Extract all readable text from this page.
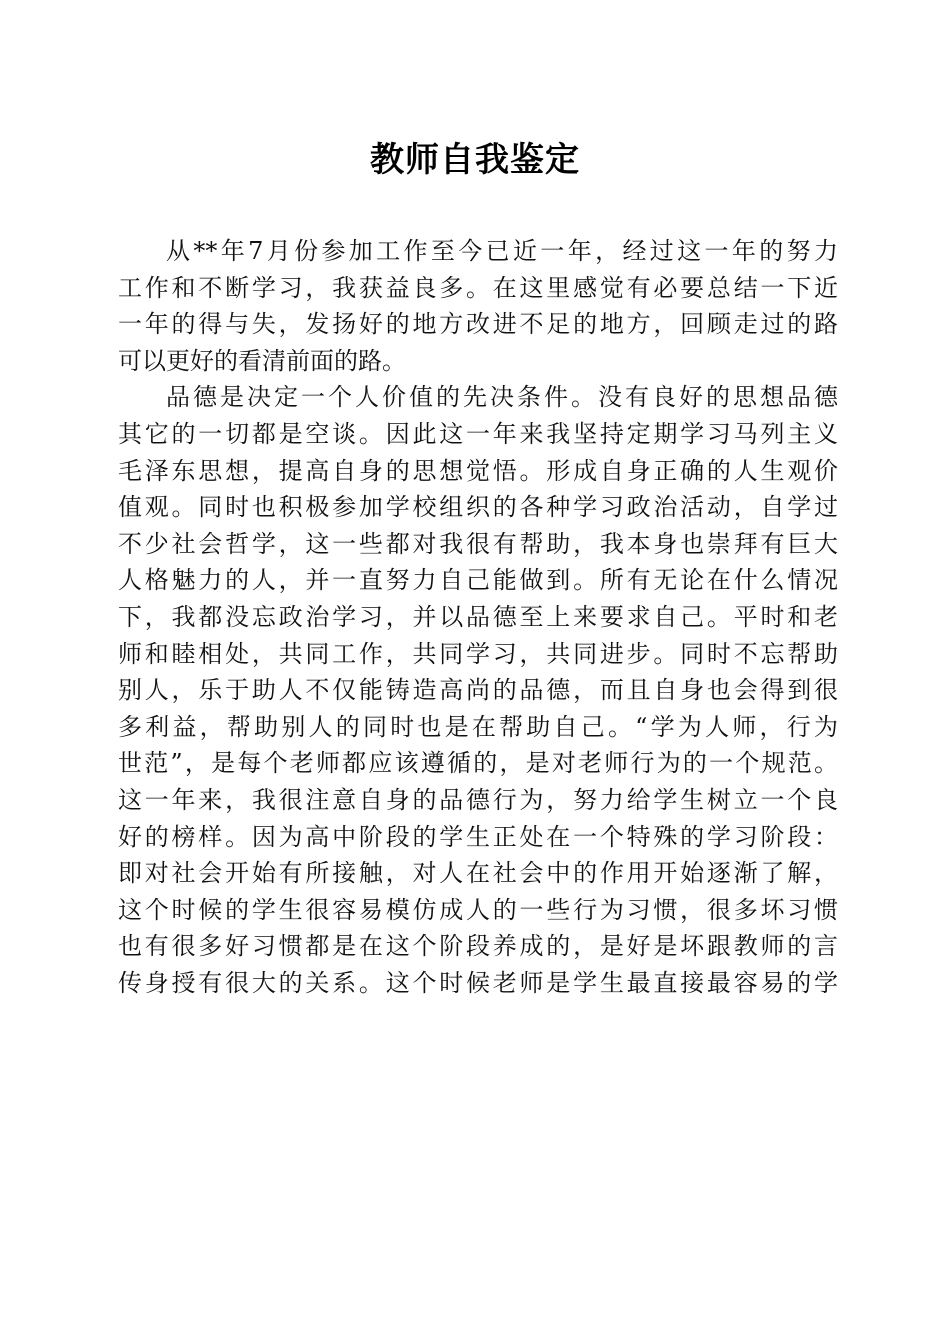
教师自我鉴定
从**年7月份参加工作至今已近一年，经过这一年的努力
工作和不断学习，我获益良多。在这里感觉有必要总结一下近
一年的得与失，发扬好的地方改进不足的地方，回顾走过的路
可以更好的看清前面的路。
品德是决定一个人价值的先决条件。没有良好的思想品德
其它的一切都是空谈。因此这一年来我坚持定期学习马列主义
毛泽东思想，提高自身的思想觉悟。形成自身正确的人生观价
值观。同时也积极参加学校组织的各种学习政治活动，自学过
不少社会哲学，这一些都对我很有帮助，我本身也崇拜有巨大
人格魅力的人，并一直努力自己能做到。所有无论在什么情况
下，我都没忘政治学习，并以品德至上来要求自己。平时和老
师和睦相处，共同工作，共同学习，共同进步。同时不忘帮助
别人，乐于助人不仅能铸造高尚的品德，而且自身也会得到很
多利益，帮助别人的同时也是在帮助自己。“学为人师，行为
世范”，是每个老师都应该遵循的，是对老师行为的一个规范。
这一年来，我很注意自身的品德行为，努力给学生树立一个良
好的榜样。因为高中阶段的学生正处在一个特殊的学习阶段：
即对社会开始有所接触，对人在社会中的作用开始逐渐了解，
这个时候的学生很容易模仿成人的一些行为习惯，很多坏习惯
也有很多好习惯都是在这个阶段养成的，是好是坏跟教师的言
传身授有很大的关系。这个时候老师是学生最直接最容易的学
